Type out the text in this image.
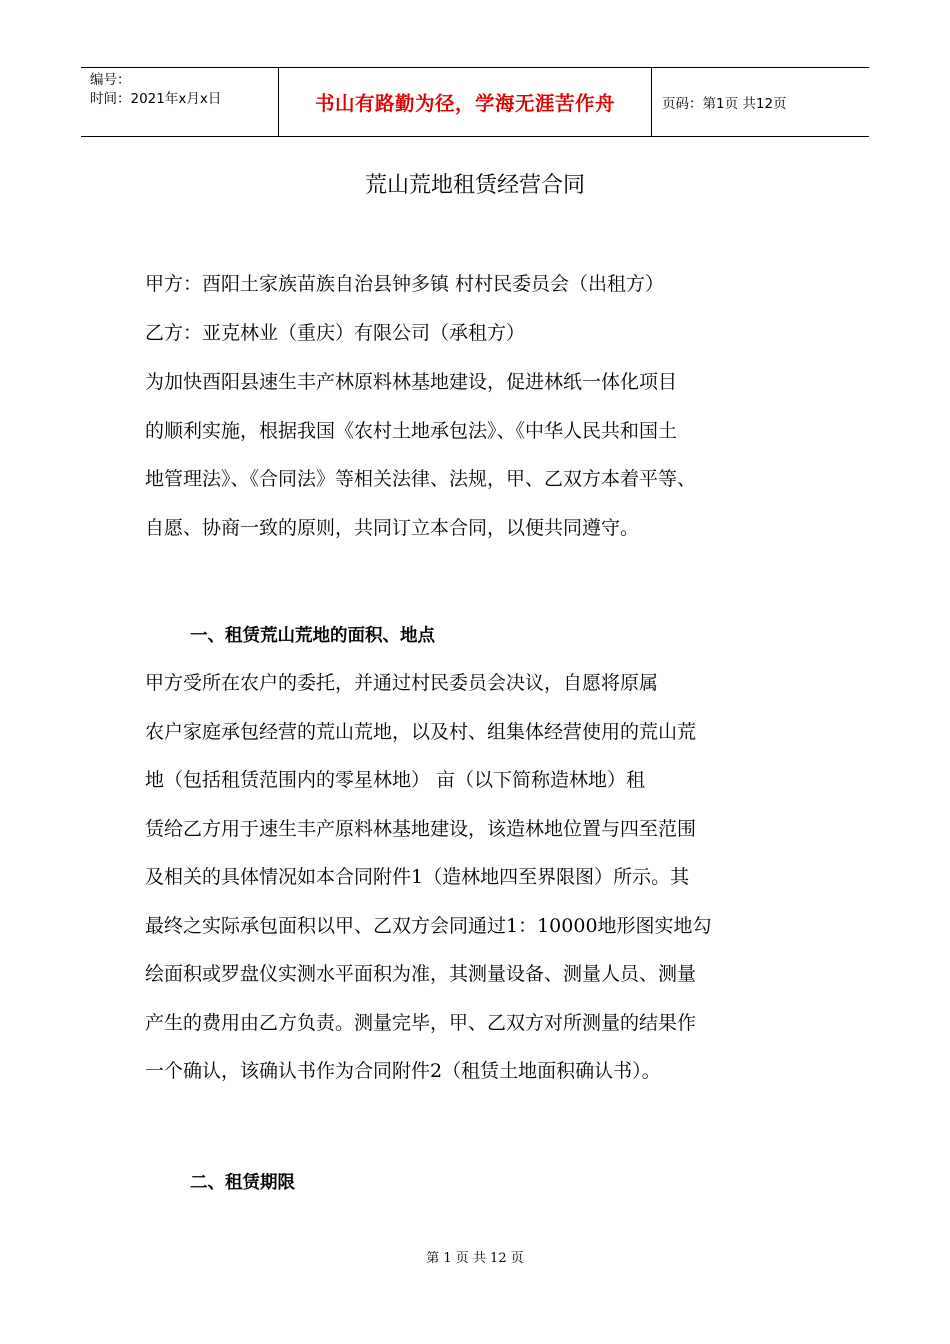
编号：
时间：2021年x月x日	书山有路勤为径，学海无涯苦作舟	页码：第1页 共12页
荒山荒地租赁经营合同
甲方：酉阳土家族苗族自治县钟多镇 村村民委员会（出租方）
乙方：亚克林业（重庆）有限公司（承租方）
为加快酉阳县速生丰产林原料林基地建设，促进林纸一体化项目
的顺利实施，根据我国《农村土地承包法》、《中华人民共和国土
地管理法》、《合同法》等相关法律、法规，甲、乙双方本着平等、
自愿、协商一致的原则，共同订立本合同，以便共同遵守。
一、租赁荒山荒地的面积、地点
甲方受所在农户的委托，并通过村民委员会决议，自愿将原属
农户家庭承包经营的荒山荒地，以及村、组集体经营使用的荒山荒
地（包括租赁范围内的零星林地） 亩（以下简称造林地）租
赁给乙方用于速生丰产原料林基地建设，该造林地位置与四至范围
及相关的具体情况如本合同附件1（造林地四至界限图）所示。其
最终之实际承包面积以甲、乙双方会同通过1：10000地形图实地勾
绘面积或罗盘仪实测水平面积为准，其测量设备、测量人员、测量
产生的费用由乙方负责。测量完毕，甲、乙双方对所测量的结果作
一个确认，该确认书作为合同附件2（租赁土地面积确认书）。
二、租赁期限
第 1 页 共 12 页
